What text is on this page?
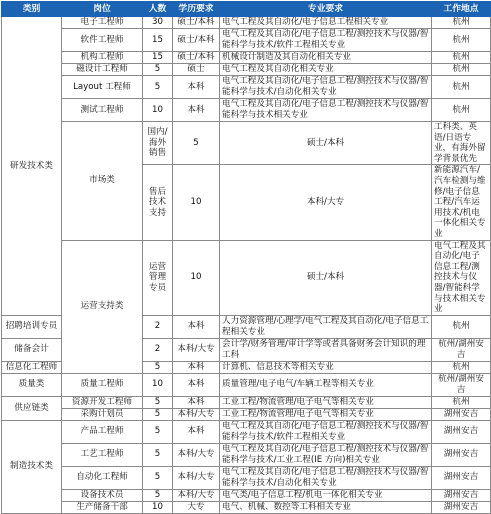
类别	岗位	人数	学历要求	专业要求	工作地点	
研发技术类	电子工程师	30	硕士/本科	电气工程及其自动化/电子信息工程相关专业	杭州	
	软件工程师	15	硕士/本科	电气工程及其自动化/电子信息工程/测控技术与仪器/智能科学与技术/软件工程相关专业	杭州	
	机构工程师	15	硕士/本科	机械设计制造及其自动化相关专业	杭州	
	磁设计工程师	5	硕士	电气工程及其自动化相关专业	杭州	
	Layout 工程师	5	本科	电气工程及其自动化/电子信息工程/测控技术与仪器/智能科学与技术/自动化相关专业	杭州	
	测试工程师	10	本科	电气工程及其自动化/电子信息工程/测控技术与仪器/智能科学与技术相关专业	杭州	
	市场类	国内/海外销售	5	硕士/本科	工科类、英语/日语专业，有海外留学背景优先	
		售后技术支持	10	本科/大专	新能源汽车/汽车检测与维修/电子信息工程/汽车运用技术/机电一体化相关专业	
	运营支持类	运营管理专员	10	硕士/本科	电气工程及其自动化/电子信息工程/测控技术与仪器/智能科学与技术相关专业	
招聘培训专员		2	本科	人力资源管理/心理学/电气工程及其自动化/电子信息工程相关专业	杭州	
储备会计		2	本科/大专	会计学/财务管理/审计学等或者具备财务会计知识的理工科	杭州/湖州安吉	
信息化工程师		5	本科	计算机、信息技术等相关专业	杭州	
质量类	质量工程师	10	本科	质量管理/电子电气/车辆工程等相关专业	杭州/湖州安吉	
供应链类	资源开发工程师	5	本科	工业工程/物流管理/电子电气等相关专业	杭州	
	采购计划员	5	本科/大专	工业工程/物流管理/电子电气等相关专业	湖州安吉	
制造技术类	产品工程师	5	本科	电气工程及其自动化/电子信息工程/测控技术与仪器/智能科学与技术/软件工程相关专业	湖州安吉	
	工艺工程师	5	本科/大专	电气工程及其自动化/电子信息工程/测控技术与仪器/智能科学与技术/工业工程(IE 方向)相关专业	湖州安吉	
	自动化工程师	5	本科/大专	电气工程及其自动化/电子信息工程/测控技术与仪器/智能科学与技术/自动化相关专业	湖州安吉	
	设备技术员	5	本科/大专	电气类/电子信息工程/机电一体化相关专业	湖州安吉	
	生产储备干部	10	大专	电气、机械、数控等工科相关专业	湖州安吉	
